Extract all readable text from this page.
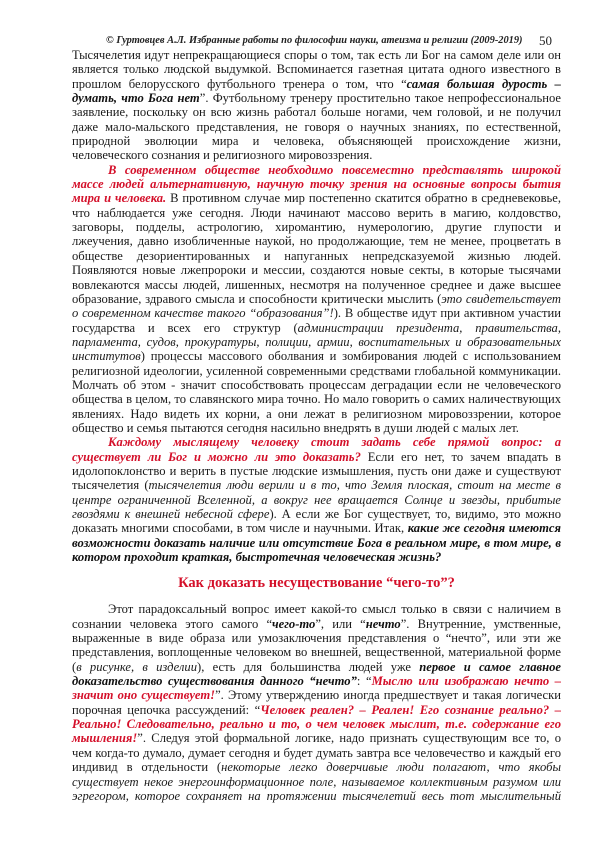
© Гуртовцев А.Л. Избранные работы по философии науки, атеизма и религии (2009-2019) 50

Тысячелетия идут непрекращающиеся споры о том, так есть ли Бог на самом деле или он является только людской выдумкой. Вспоминается газетная цитата одного известного в прошлом белорусского футбольного тренера о том, что “самая большая дурость – думать, что Бога нет”. Футбольному тренеру простительно такое непрофессиональное заявление, поскольку он всю жизнь работал больше ногами, чем головой, и не получил даже мало-мальского представления, не говоря о научных знаниях, по естественной, природной эволюции мира и человека, объясняющей происхождение жизни, человеческого сознания и религиозного мировоззрения.

В современном обществе необходимо повсеместно представлять широкой массе людей альтернативную, научную точку зрения на основные вопросы бытия мира и человека. В противном случае мир постепенно скатится обратно в средневековье, что наблюдается уже сегодня. Люди начинают массово верить в магию, колдовство, заговоры, подделы, астрологию, хиромантию, нумерологию, другие глупости и лжеучения, давно изобличенные наукой, но продолжающие, тем не менее, процветать в обществе дезориентированных и напуганных непредсказуемой жизнью людей. Появляются новые лжепророки и мессии, создаются новые секты, в которые тысячами вовлекаются массы людей, лишенных, несмотря на полученное среднее и даже высшее образование, здравого смысла и способности критически мыслить (это свидетельствует о современном качестве такого “образования”!). В обществе идут при активном участии государства и всех его структур (администрации президента, правительства, парламента, судов, прокуратуры, полиции, армии, воспитательных и образовательных институтов) процессы массового оболвания и зомбирования людей с использованием религиозной идеологии, усиленной современными средствами глобальной коммуникации. Молчать об этом - значит способствовать процессам деградации если не человеческого общества в целом, то славянского мира точно. Но мало говорить о самих наличествующих явлениях. Надо видеть их корни, а они лежат в религиозном мировоззрении, которое общество и семья пытаются сегодня насильно внедрять в души людей с малых лет.

Каждому мыслящему человеку стоит задать себе прямой вопрос: а существует ли Бог и можно ли это доказать? Если его нет, то зачем впадать в идолопоклонство и верить в пустые людские измышления, пусть они даже и существуют тысячелетия (тысячелетия люди верили и в то, что Земля плоская, стоит на месте в центре ограниченной Вселенной, а вокруг нее вращается Солнце и звезды, прибитые гвоздями к внешней небесной сфере). А если же Бог существует, то, видимо, это можно доказать многими способами, в том числе и научными. Итак, какие же сегодня имеются возможности доказать наличие или отсутствие Бога в реальном мире, в том мире, в котором проходит краткая, быстротечная человеческая жизнь?

Как доказать несуществование “чего-то”?

Этот парадоксальный вопрос имеет какой-то смысл только в связи с наличием в сознании человека этого самого “чего-то”, или “нечто”. Внутренние, умственные, выраженные в виде образа или умозаключения представления о “нечто”, или эти же представления, воплощенные человеком во внешней, вещественной, материальной форме (в рисунке, в изделии), есть для большинства людей уже первое и самое главное доказательство существования данного “нечто”: “Мыслю или изображаю нечто – значит оно существует!”. Этому утверждению иногда предшествует и такая логически порочная цепочка рассуждений: “Человек реален? – Реален! Его сознание реально? – Реально! Следовательно, реально и то, о чем человек мыслит, т.е. содержание его мышления!”. Следуя этой формальной логике, надо признать существующим все то, о чем когда-то думало, думает сегодня и будет думать завтра все человечество и каждый его индивид в отдельности (некоторые легко доверчивые люди полагают, что якобы существует некое энергоинформационное поле, называемое коллективным разумом или эгрегором, которое сохраняет на протяжении тысячелетий весь тот мыслительный
